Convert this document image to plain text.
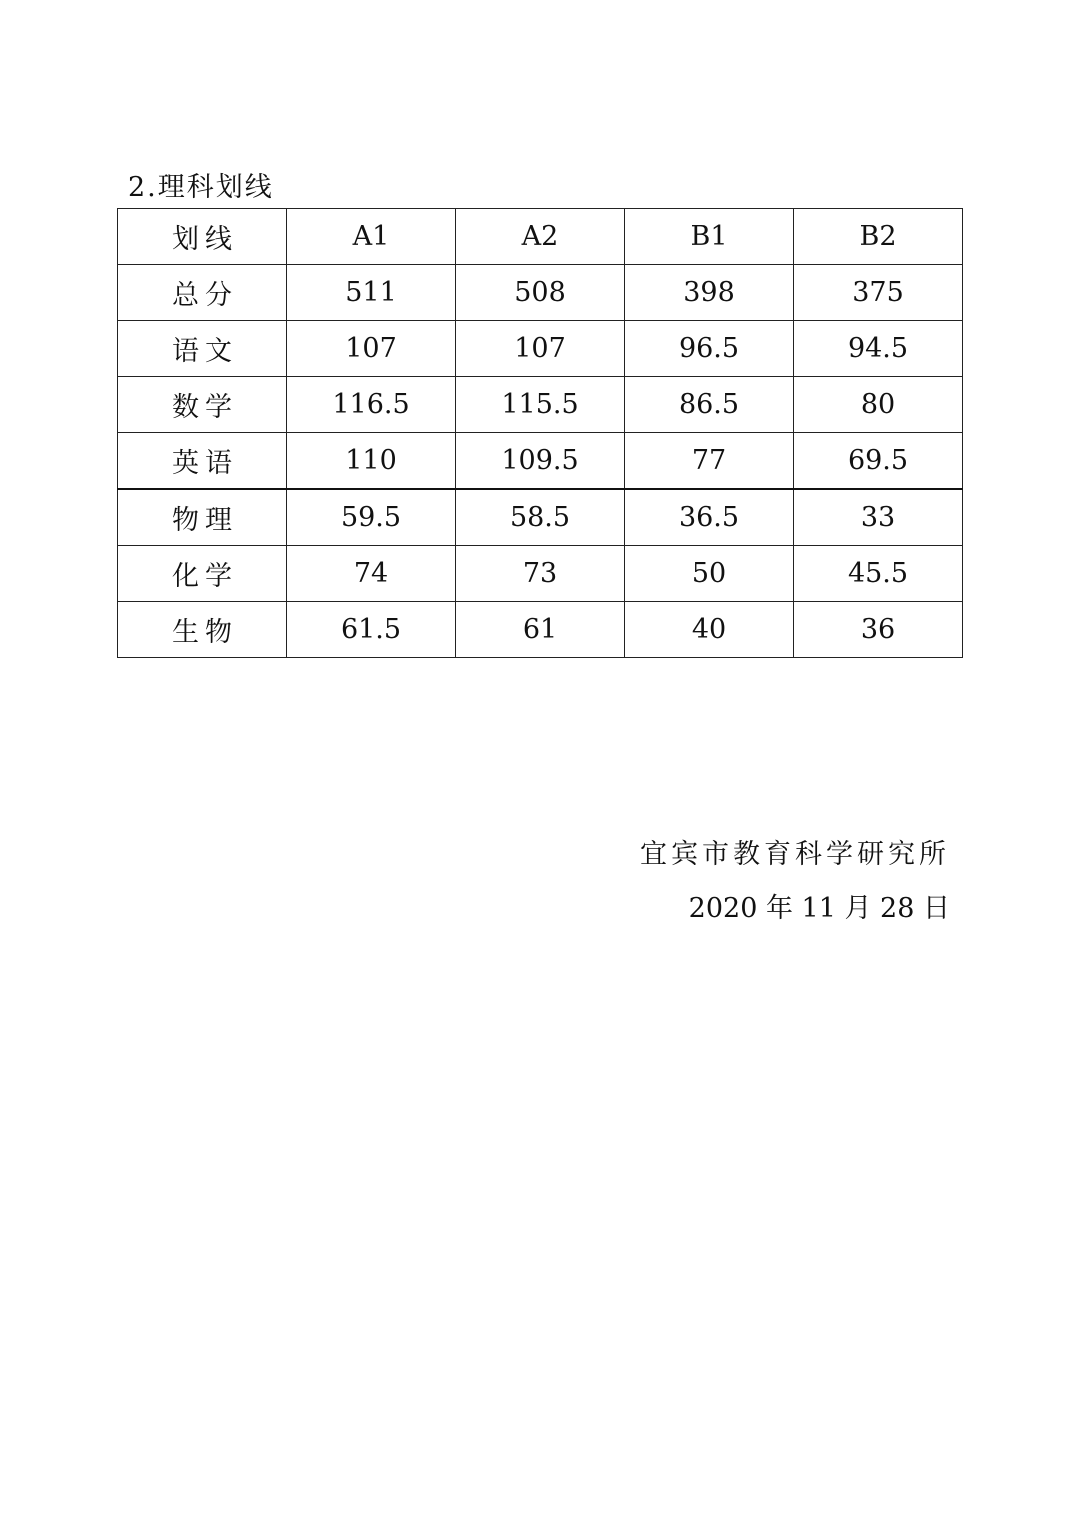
2.理科划线
划线	A1	A2	B1	B2
总分	511	508	398	375
语文	107	107	96.5	94.5
数学	116.5	115.5	86.5	80
英语	110	109.5	77	69.5
物理	59.5	58.5	36.5	33
化学	74	73	50	45.5
生物	61.5	61	40	36
宜宾市教育科学研究所
2020 年 11 月 28 日
